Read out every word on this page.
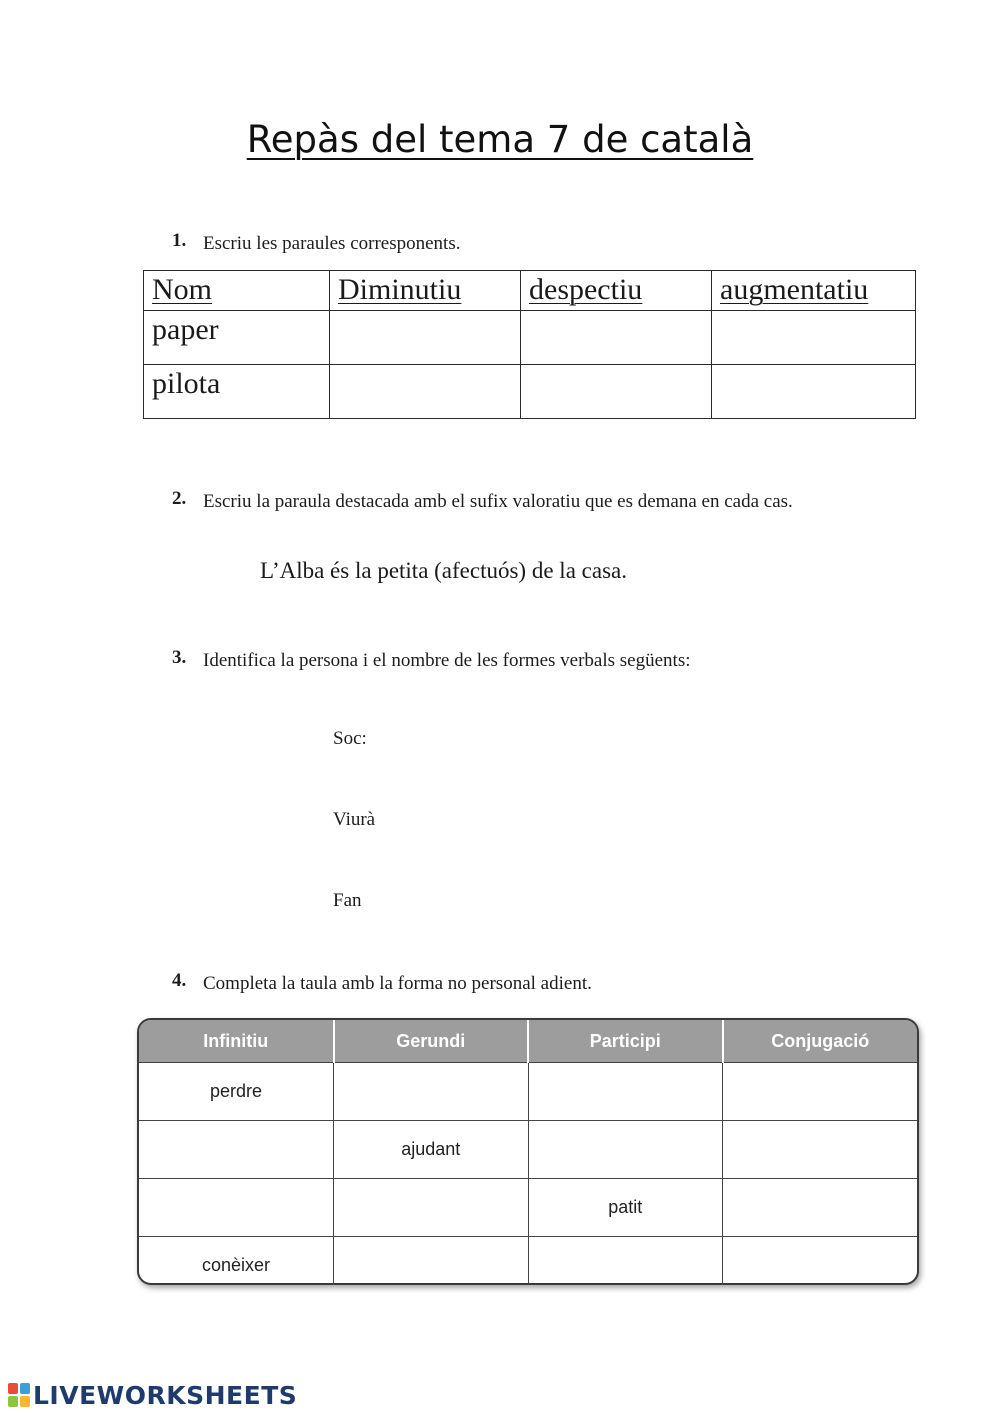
Repàs del tema 7 de català
1. Escriu les paraules corresponents.
Nom	Diminutiu	despectiu	augmentatiu
paper			
pilota			
2. Escriu la paraula destacada amb el sufix valoratiu que es demana en cada cas.
L’Alba és la petita (afectuós) de la casa.
3. Identifica la persona i el nombre de les formes verbals següents:
Soc:
Viurà
Fan
4. Completa la taula amb la forma no personal adient.
Infinitiu	Gerundi	Participi	Conjugació
perdre			
	ajudant		
		patit	
conèixer			
LIVEWORKSHEETS
